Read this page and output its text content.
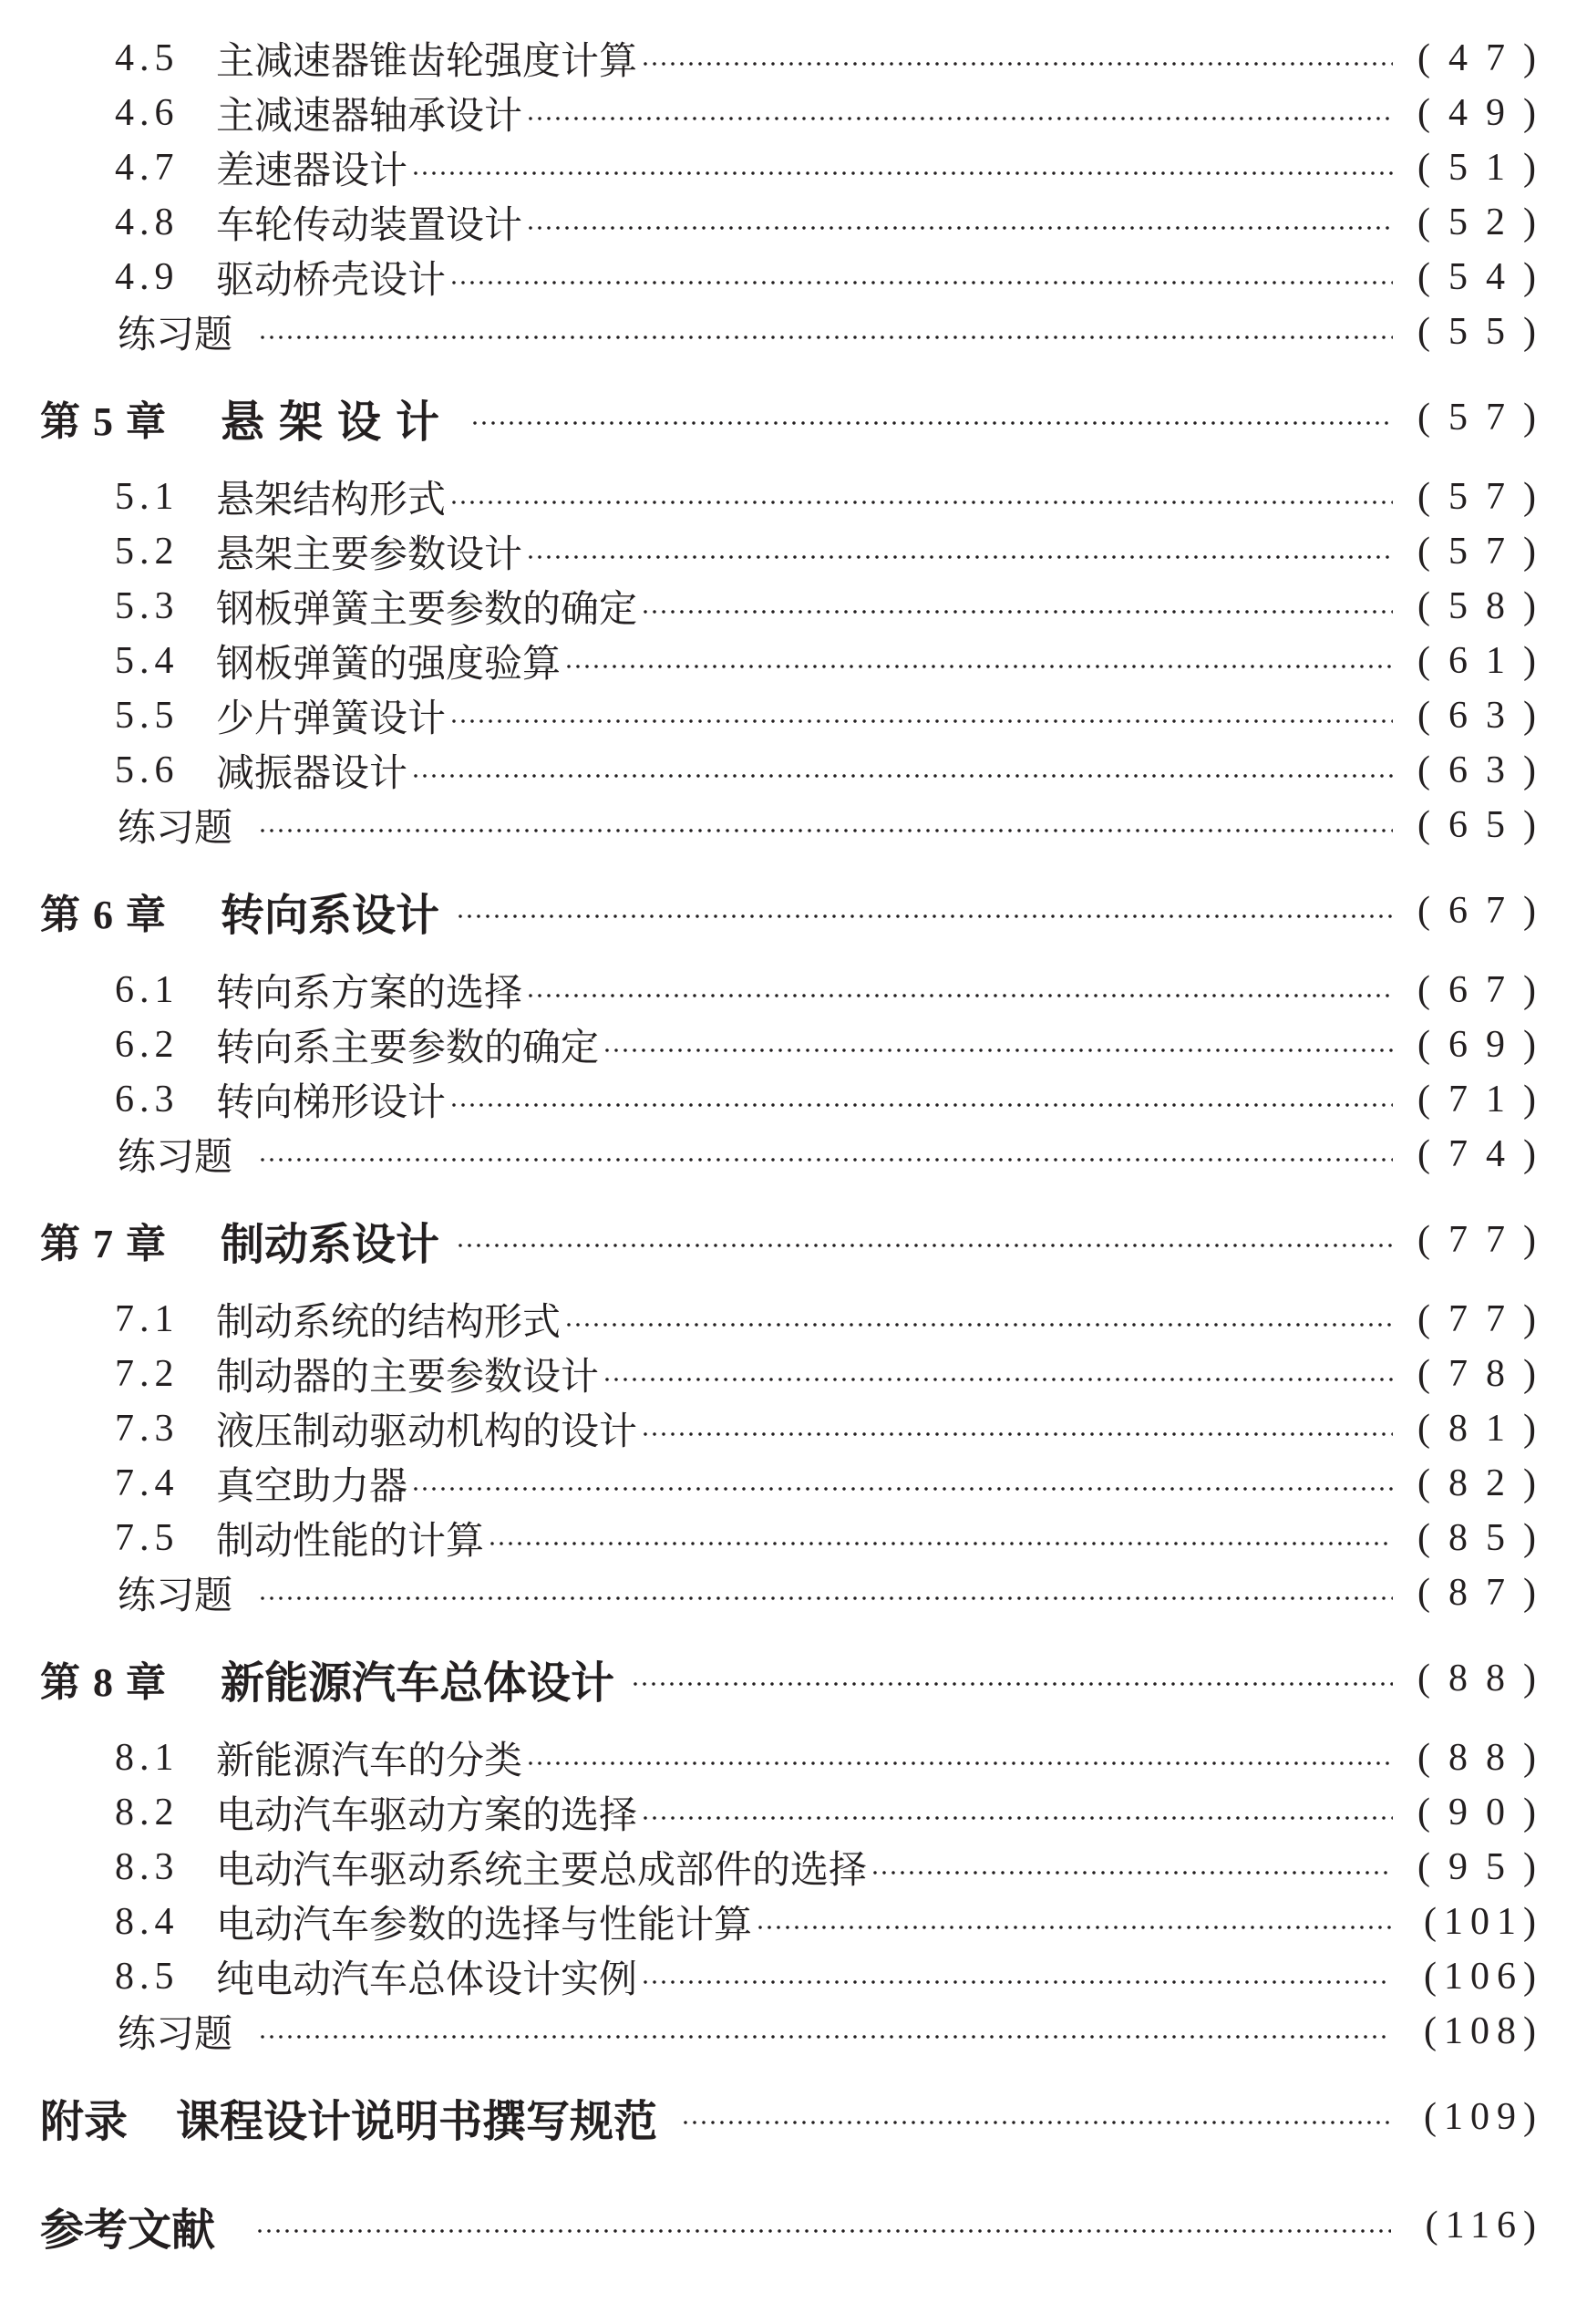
4.5 主减速器锥齿轮强度计算	(47)
4.6 主减速器轴承设计	(49)
4.7 差速器设计	(51)
4.8 车轮传动装置设计	(52)
4.9 驱动桥壳设计	(54)
练习题	(55)
第5章 悬架设计	(57)
5.1 悬架结构形式	(57)
5.2 悬架主要参数设计	(57)
5.3 钢板弹簧主要参数的确定	(58)
5.4 钢板弹簧的强度验算	(61)
5.5 少片弹簧设计	(63)
5.6 减振器设计	(63)
练习题	(65)
第6章 转向系设计	(67)
6.1 转向系方案的选择	(67)
6.2 转向系主要参数的确定	(69)
6.3 转向梯形设计	(71)
练习题	(74)
第7章 制动系设计	(77)
7.1 制动系统的结构形式	(77)
7.2 制动器的主要参数设计	(78)
7.3 液压制动驱动机构的设计	(81)
7.4 真空助力器	(82)
7.5 制动性能的计算	(85)
练习题	(87)
第8章 新能源汽车总体设计	(88)
8.1 新能源汽车的分类	(88)
8.2 电动汽车驱动方案的选择	(90)
8.3 电动汽车驱动系统主要总成部件的选择	(95)
8.4 电动汽车参数的选择与性能计算	(101)
8.5 纯电动汽车总体设计实例	(106)
练习题	(108)
附录	课程设计说明书撰写规范	(109)
参考文献	(116)
